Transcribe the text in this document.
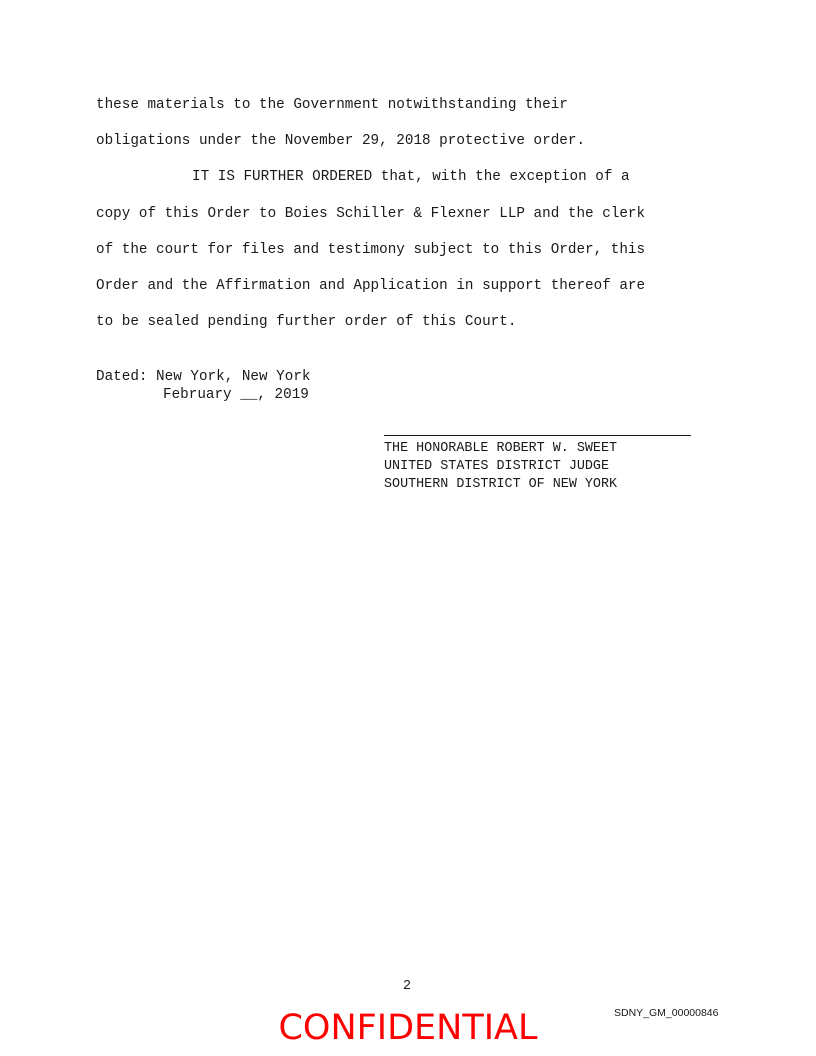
these materials to the Government notwithstanding their
obligations under the November 29, 2018 protective order.
IT IS FURTHER ORDERED that, with the exception of a
copy of this Order to Boies Schiller & Flexner LLP and the clerk
of the court for files and testimony subject to this Order, this
Order and the Affirmation and Application in support thereof are
to be sealed pending further order of this Court.
Dated: New York, New York
February __, 2019
THE HONORABLE ROBERT W. SWEET
UNITED STATES DISTRICT JUDGE
SOUTHERN DISTRICT OF NEW YORK
2
SDNY_GM_00000846
CONFIDENTIAL
